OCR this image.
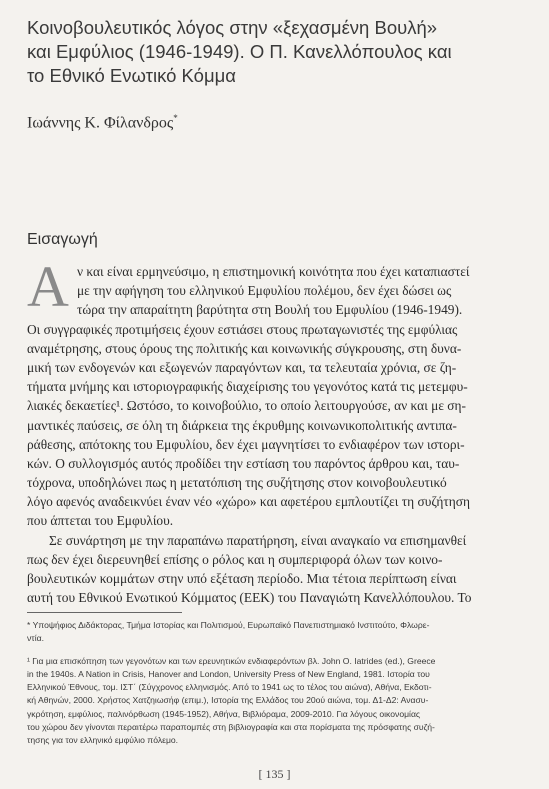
Κοινοβουλευτικός λόγος στην «ξεχασμένη Βουλή»
και Εμφύλιος (1946-1949). Ο Π. Κανελλόπουλος και
το Εθνικό Ενωτικό Κόμμα
Ιωάννης Κ. Φίλανδρος*
Εισαγωγή
Α ν και είναι ερμηνεύσιμο, η επιστημονική κοινότητα που έχει καταπιαστεί
με την αφήγηση του ελληνικού Εμφυλίου πολέμου, δεν έχει δώσει ως
τώρα την απαραίτητη βαρύτητα στη Βουλή του Εμφυλίου (1946-1949).
Οι συγγραφικές προτιμήσεις έχουν εστιάσει στους πρωταγωνιστές της εμφύλιας
αναμέτρησης, στους όρους της πολιτικής και κοινωνικής σύγκρουσης, στη δυνα-
μική των ενδογενών και εξωγενών παραγόντων και, τα τελευταία χρόνια, σε ζη-
τήματα μνήμης και ιστοριογραφικής διαχείρισης του γεγονότος κατά τις μετεμφυ-
λιακές δεκαετίες¹. Ωστόσο, το κοινοβούλιο, το οποίο λειτουργούσε, αν και με ση-
μαντικές παύσεις, σε όλη τη διάρκεια της έκρυθμης κοινωνικοπολιτικής αντιπα-
ράθεσης, απότοκης του Εμφυλίου, δεν έχει μαγνητίσει το ενδιαφέρον των ιστορι-
κών. Ο συλλογισμός αυτός προδίδει την εστίαση του παρόντος άρθρου και, ταυ-
τόχρονα, υποδηλώνει πως η μετατόπιση της συζήτησης στον κοινοβουλευτικό
λόγο αφενός αναδεικνύει έναν νέο «χώρο» και αφετέρου εμπλουτίζει τη συζήτηση
που άπτεται του Εμφυλίου.
Σε συνάρτηση με την παραπάνω παρατήρηση, είναι αναγκαίο να επισημανθεί
πως δεν έχει διερευνηθεί επίσης ο ρόλος και η συμπεριφορά όλων των κοινο-
βουλευτικών κομμάτων στην υπό εξέταση περίοδο. Μια τέτοια περίπτωση είναι
αυτή του Εθνικού Ενωτικού Κόμματος (ΕΕΚ) του Παναγιώτη Κανελλόπουλου. Το
* Υποψήφιος Διδάκτορας, Τμήμα Ιστορίας και Πολιτισμού, Ευρωπαϊκό Πανεπιστημιακό Ινστιτούτο, Φλωρε-
ντία.
¹ Για μια επισκόπηση των γεγονότων και των ερευνητικών ενδιαφερόντων βλ. John O. Iatrides (ed.), Greece
in the 1940s. A Nation in Crisis, Hanover and London, University Press of New England, 1981. Ιστορία του
Ελληνικού Έθνους, τομ. ΙΣΤ΄ (Σύγχρονος ελληνισμός. Από το 1941 ως το τέλος του αιώνα), Αθήνα, Εκδοτι-
κή Αθηνών, 2000. Χρήστος Χατζηιωσήφ (επιμ.), Ιστορία της Ελλάδος του 20ού αιώνα, τομ. Δ1-Δ2: Ανασυ-
γκρότηση, εμφύλιος, παλινόρθωση (1945-1952), Αθήνα, Βιβλιόραμα, 2009-2010. Για λόγους οικονομίας
του χώρου δεν γίνονται περαιτέρω παραπομπές στη βιβλιογραφία και στα πορίσματα της πρόσφατης συζή-
τησης για τον ελληνικό εμφύλιο πόλεμο.
[ 135 ]
